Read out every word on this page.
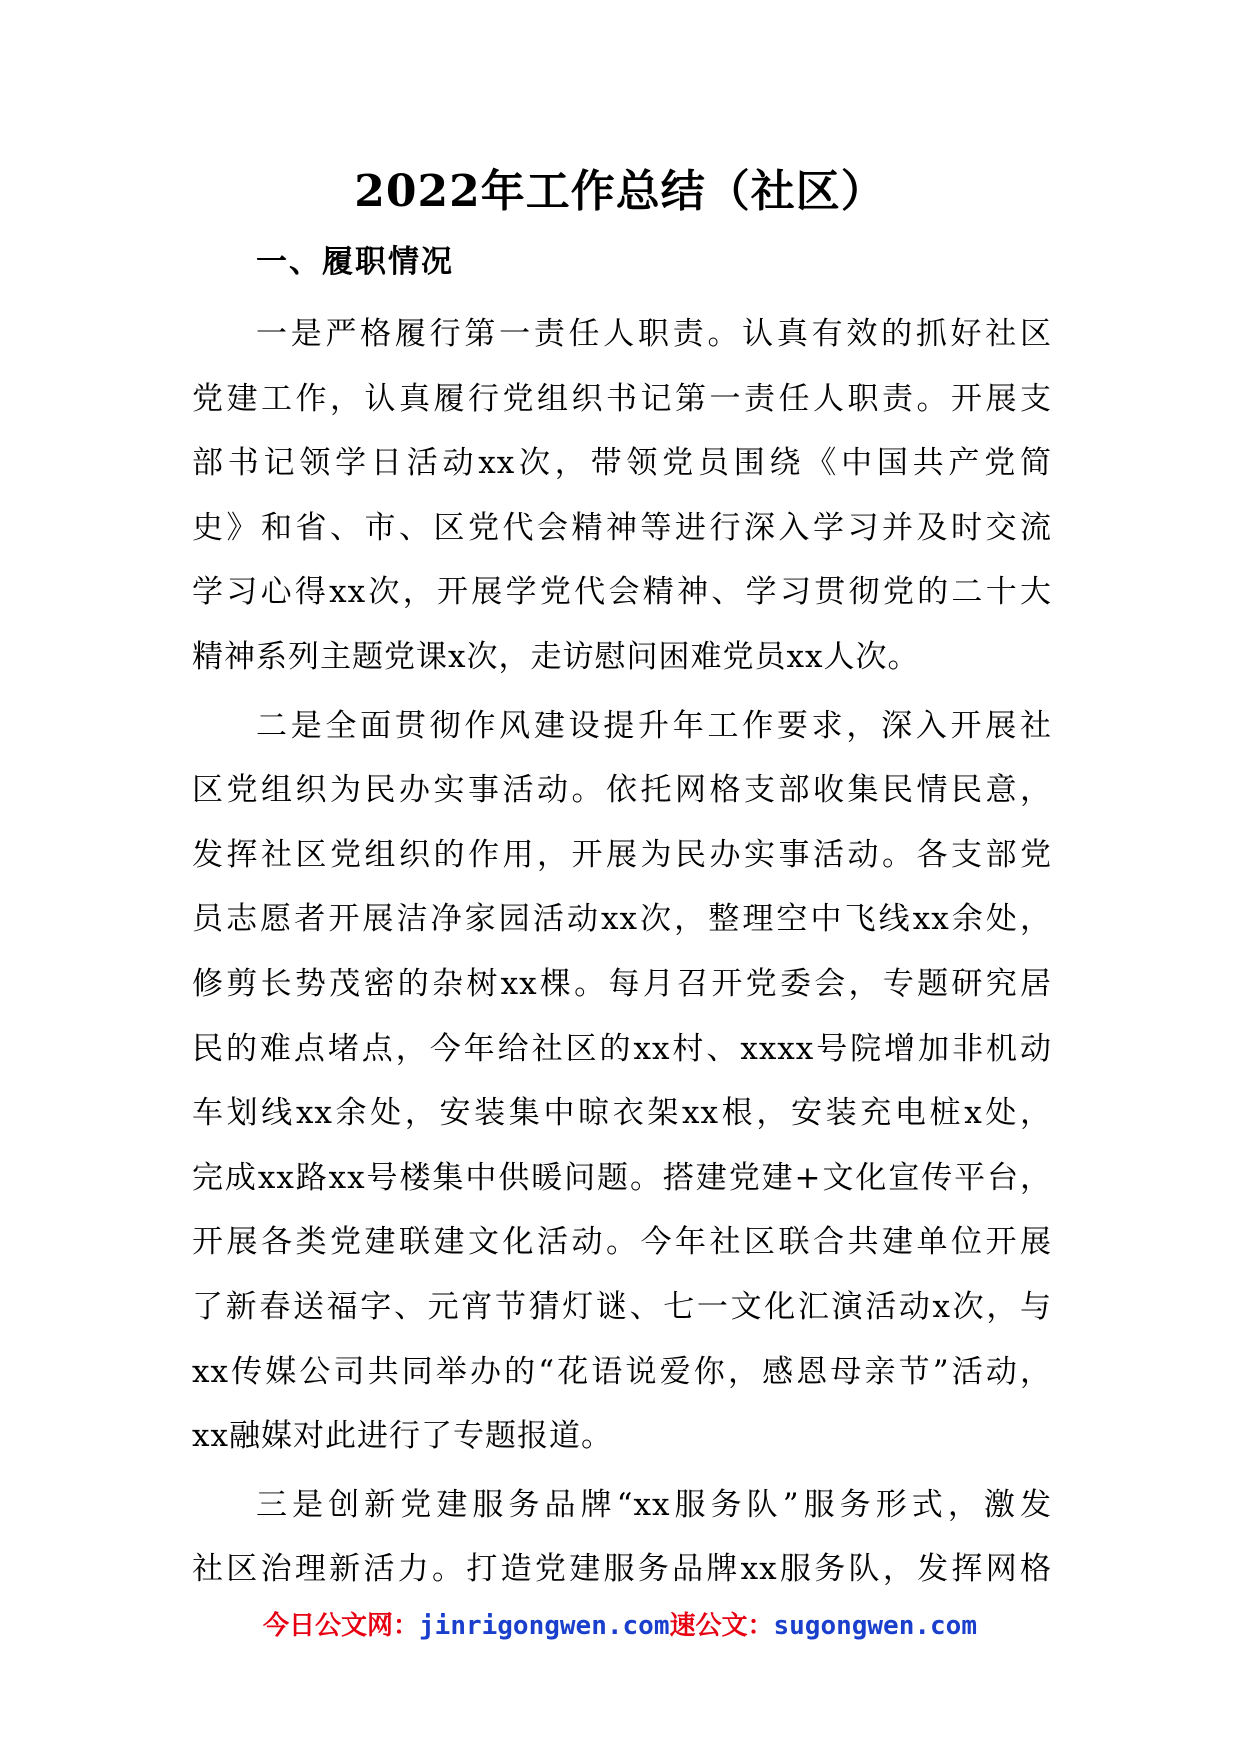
2022年工作总结（社区）
一、履职情况
一是严格履行第一责任人职责。认真有效的抓好社区
党建工作，认真履行党组织书记第一责任人职责。开展支
部书记领学日活动xx次，带领党员围绕《中国共产党简
史》和省、市、区党代会精神等进行深入学习并及时交流
学习心得xx次，开展学党代会精神、学习贯彻党的二十大
精神系列主题党课x次，走访慰问困难党员xx人次。
二是全面贯彻作风建设提升年工作要求，深入开展社
区党组织为民办实事活动。依托网格支部收集民情民意，
发挥社区党组织的作用，开展为民办实事活动。各支部党
员志愿者开展洁净家园活动xx次，整理空中飞线xx余处，
修剪长势茂密的杂树xx棵。每月召开党委会，专题研究居
民的难点堵点，今年给社区的xx村、xxxx号院增加非机动
车划线xx余处，安装集中晾衣架xx根，安装充电桩x处，
完成xx路xx号楼集中供暖问题。搭建党建+文化宣传平台，
开展各类党建联建文化活动。今年社区联合共建单位开展
了新春送福字、元宵节猜灯谜、七一文化汇演活动x次，与
xx传媒公司共同举办的“花语说爱你，感恩母亲节”活动，
xx融媒对此进行了专题报道。
三是创新党建服务品牌“xx服务队”服务形式，激发
社区治理新活力。打造党建服务品牌xx服务队，发挥网格
今日公文网：jinrigongwen.com速公文：sugongwen.com
